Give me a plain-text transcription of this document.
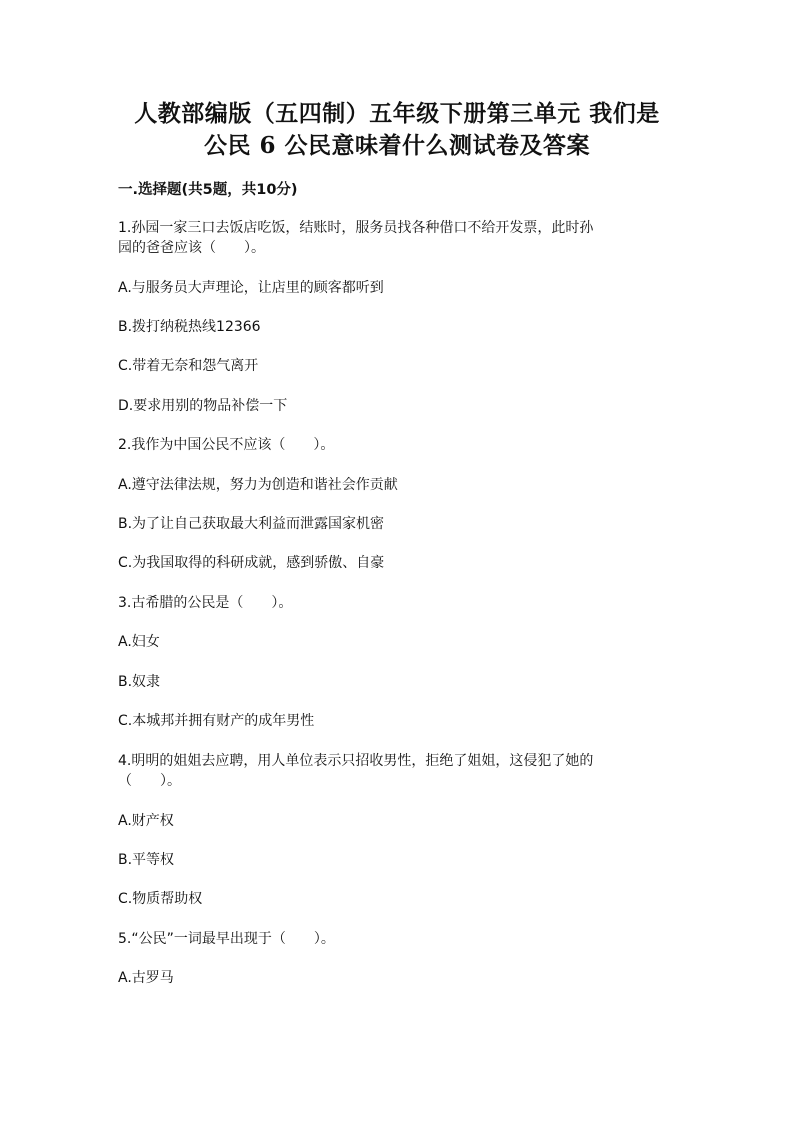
人教部编版（五四制）五年级下册第三单元 我们是
公民 6 公民意味着什么测试卷及答案
一.选择题(共5题，共10分)
1.孙园一家三口去饭店吃饭，结账时，服务员找各种借口不给开发票，此时孙
园的爸爸应该（　　）。
A.与服务员大声理论，让店里的顾客都听到
B.拨打纳税热线12366
C.带着无奈和怨气离开
D.要求用别的物品补偿一下
2.我作为中国公民不应该（　　）。
A.遵守法律法规，努力为创造和谐社会作贡献
B.为了让自己获取最大利益而泄露国家机密
C.为我国取得的科研成就，感到骄傲、自豪
3.古希腊的公民是（　　）。
A.妇女
B.奴隶
C.本城邦并拥有财产的成年男性
4.明明的姐姐去应聘，用人单位表示只招收男性，拒绝了姐姐，这侵犯了她的
（　　）。
A.财产权
B.平等权
C.物质帮助权
5.“公民”一词最早出现于（　　）。
A.古罗马
